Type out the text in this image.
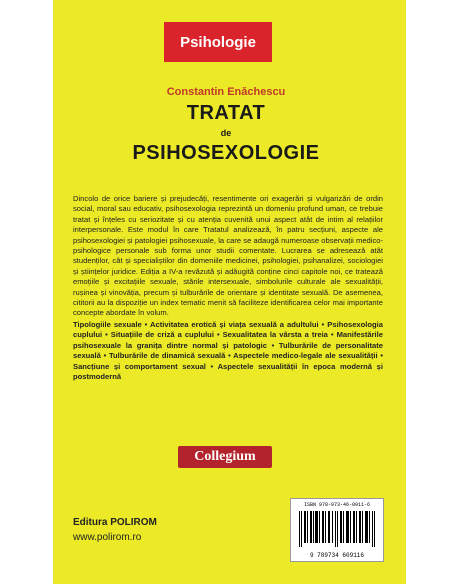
Psihologie
Constantin Enăchescu
TRATAT
de
PSIHOSEXOLOGIE
Dincolo de orice bariere și prejudecăți, resentimente ori exagerări și vulgarizări de ordin social, moral sau educativ, psihosexologia reprezintă un domeniu profund uman, ce trebuie tratat și înțeles cu seriozitate și cu atenția cuvenită unui aspect atât de intim al relațiilor interpersonale. Este modul în care Tratatul analizează, în patru secțiuni, aspecte ale psihosexologiei și patologiei psihosexuale, la care se adaugă numeroase observații medico-psihologice personale sub forma unor studii comentate. Lucrarea se adresează atât studenților, cât și specialiștilor din domeniile medicinei, psihologiei, psihanalizei, sociologiei și științelor juridice. Ediția a IV-a revăzută și adăugită conține cinci capitole noi, ce tratează emoțiile și excitațiile sexuale, stările intersexuale, simbolurile culturale ale sexualității, rușinea și vinovăția, precum și tulburările de orientare și identitate sexuală. De asemenea, cititorii au la dispoziție un index tematic menit să faciliteze identificarea celor mai importante concepte abordate în volum.
Tipologiile sexuale • Activitatea erotică și viața sexuală a adultului • Psihosexologia cuplului • Situațiile de criză a cuplului • Sexualitatea la vârsta a treia • Manifestările psihosexuale la granița dintre normal și patologic • Tulburările de personalitate sexuală • Tulburările de dinamică sexuală • Aspectele medico-legale ale sexualității • Sancțiune și comportament sexual • Aspectele sexualității în epoca modernă și postmodernă
Collegium
Editura POLIROM
www.polirom.ro
ISBN 978-973-46-0911-6
9 789734 609116
